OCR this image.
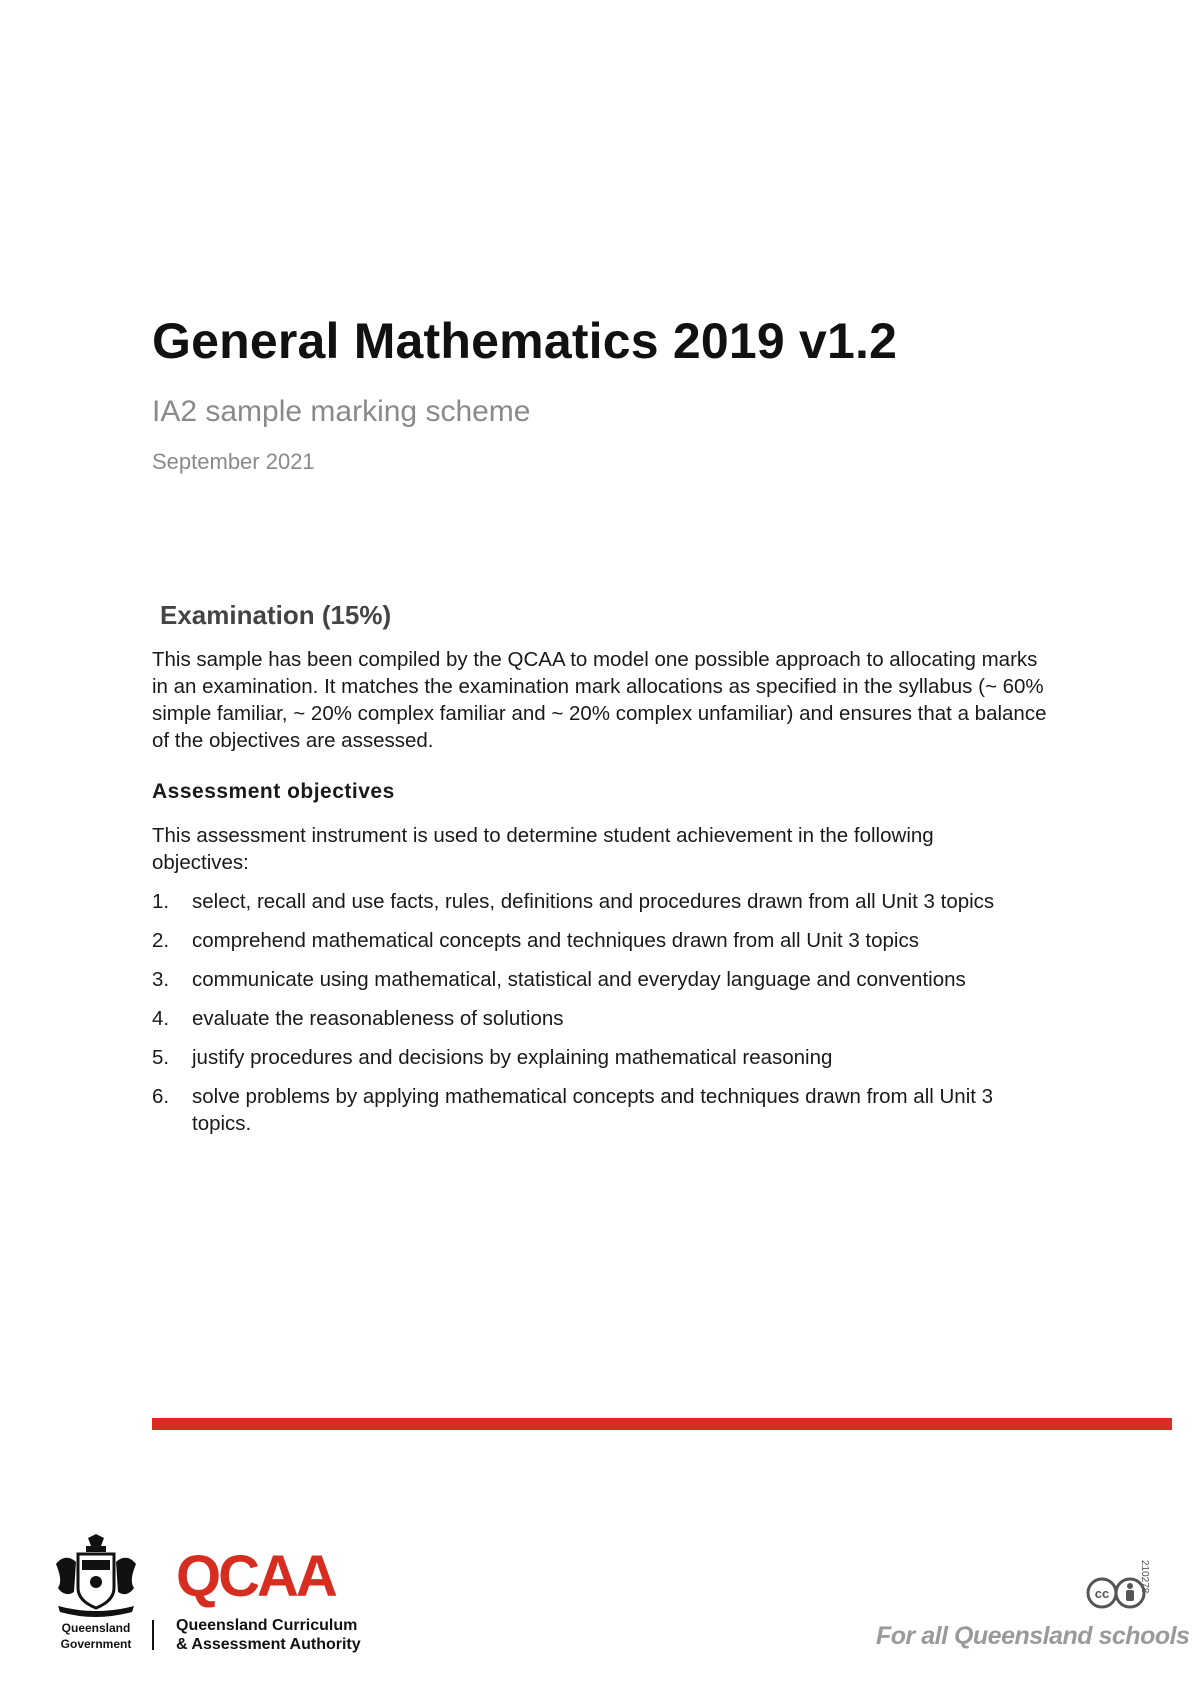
General Mathematics 2019 v1.2
IA2 sample marking scheme
September 2021
Examination (15%)

This sample has been compiled by the QCAA to model one possible approach to allocating marks in an examination. It matches the examination mark allocations as specified in the syllabus (~ 60% simple familiar, ~ 20% complex familiar and ~ 20% complex unfamiliar) and ensures that a balance of the objectives are assessed.

Assessment objectives

This assessment instrument is used to determine student achievement in the following objectives:

1.	select, recall and use facts, rules, definitions and procedures drawn from all Unit 3 topics
2.	comprehend mathematical concepts and techniques drawn from all Unit 3 topics
3.	communicate using mathematical, statistical and everyday language and conventions
4.	evaluate the reasonableness of solutions
5.	justify procedures and decisions by explaining mathematical reasoning
6.	solve problems by applying mathematical concepts and techniques drawn from all Unit 3 topics.
Queensland
Government
QCAA
Queensland Curriculum
& Assessment Authority
cc
210278
For all Queensland schools
